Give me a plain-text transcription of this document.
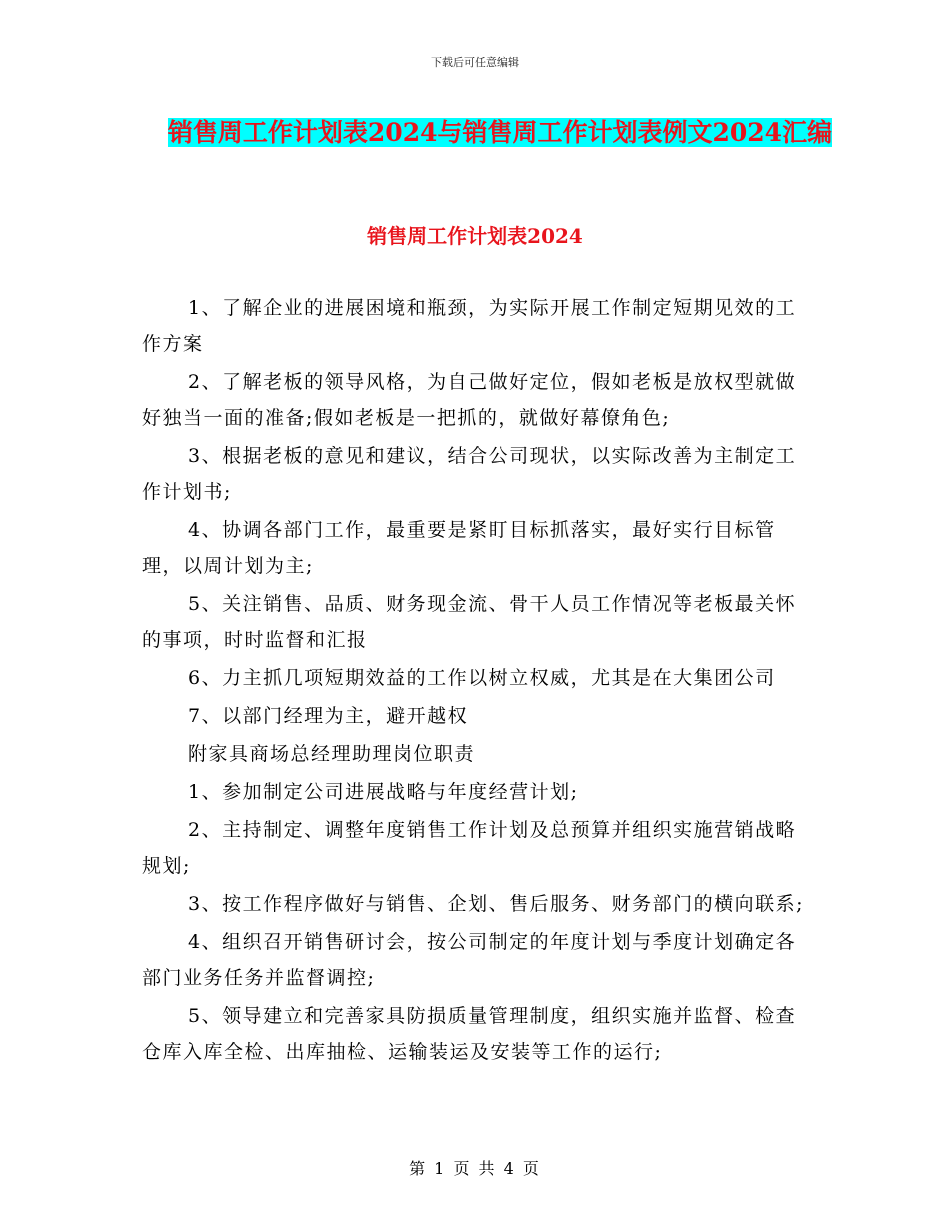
下载后可任意编辑
销售周工作计划表2024与销售周工作计划表例文2024汇编
销售周工作计划表2024

1、了解企业的进展困境和瓶颈，为实际开展工作制定短期见效的工作方案

2、了解老板的领导风格，为自己做好定位，假如老板是放权型就做好独当一面的准备;假如老板是一把抓的，就做好幕僚角色;

3、根据老板的意见和建议，结合公司现状，以实际改善为主制定工作计划书;

4、协调各部门工作，最重要是紧盯目标抓落实，最好实行目标管理，以周计划为主;

5、关注销售、品质、财务现金流、骨干人员工作情况等老板最关怀的事项，时时监督和汇报

6、力主抓几项短期效益的工作以树立权威，尤其是在大集团公司

7、以部门经理为主，避开越权

附家具商场总经理助理岗位职责

1、参加制定公司进展战略与年度经营计划;

2、主持制定、调整年度销售工作计划及总预算并组织实施营销战略规划;

3、按工作程序做好与销售、企划、售后服务、财务部门的横向联系;

4、组织召开销售研讨会，按公司制定的年度计划与季度计划确定各部门业务任务并监督调控;

5、领导建立和完善家具防损质量管理制度，组织实施并监督、检查仓库入库全检、出库抽检、运输装运及安装等工作的运行;

第 1 页 共 4 页
